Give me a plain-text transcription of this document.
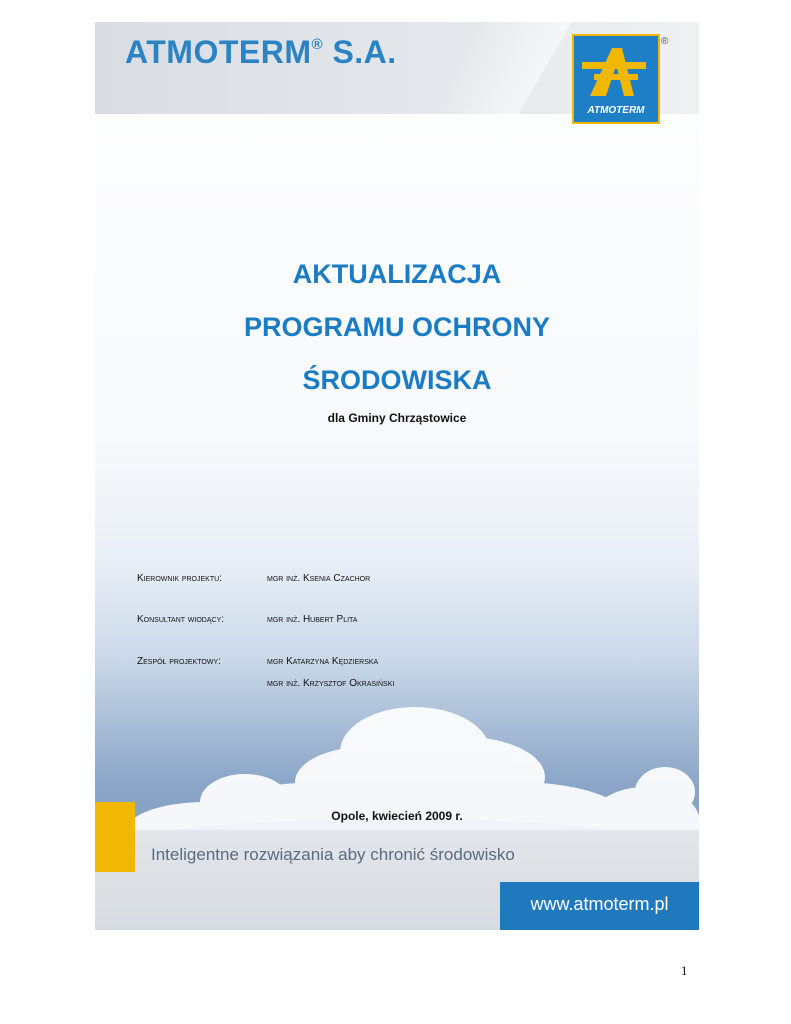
ATMOTERM® S.A.
ATMOTERM
®
AKTUALIZACJA
PROGRAMU OCHRONY
ŚRODOWISKA
dla Gminy Chrząstowice
Kierownik projektu:	mgr inż. Ksenia Czachor
Konsultant wiodący:	mgr inż. Hubert Plita
Zespół projektowy:	mgr Katarzyna Kędzierska
mgr inż. Krzysztof Okrasiński
Opole, kwiecień 2009 r.
Inteligentne rozwiązania aby chronić środowisko
www.atmoterm.pl
1
